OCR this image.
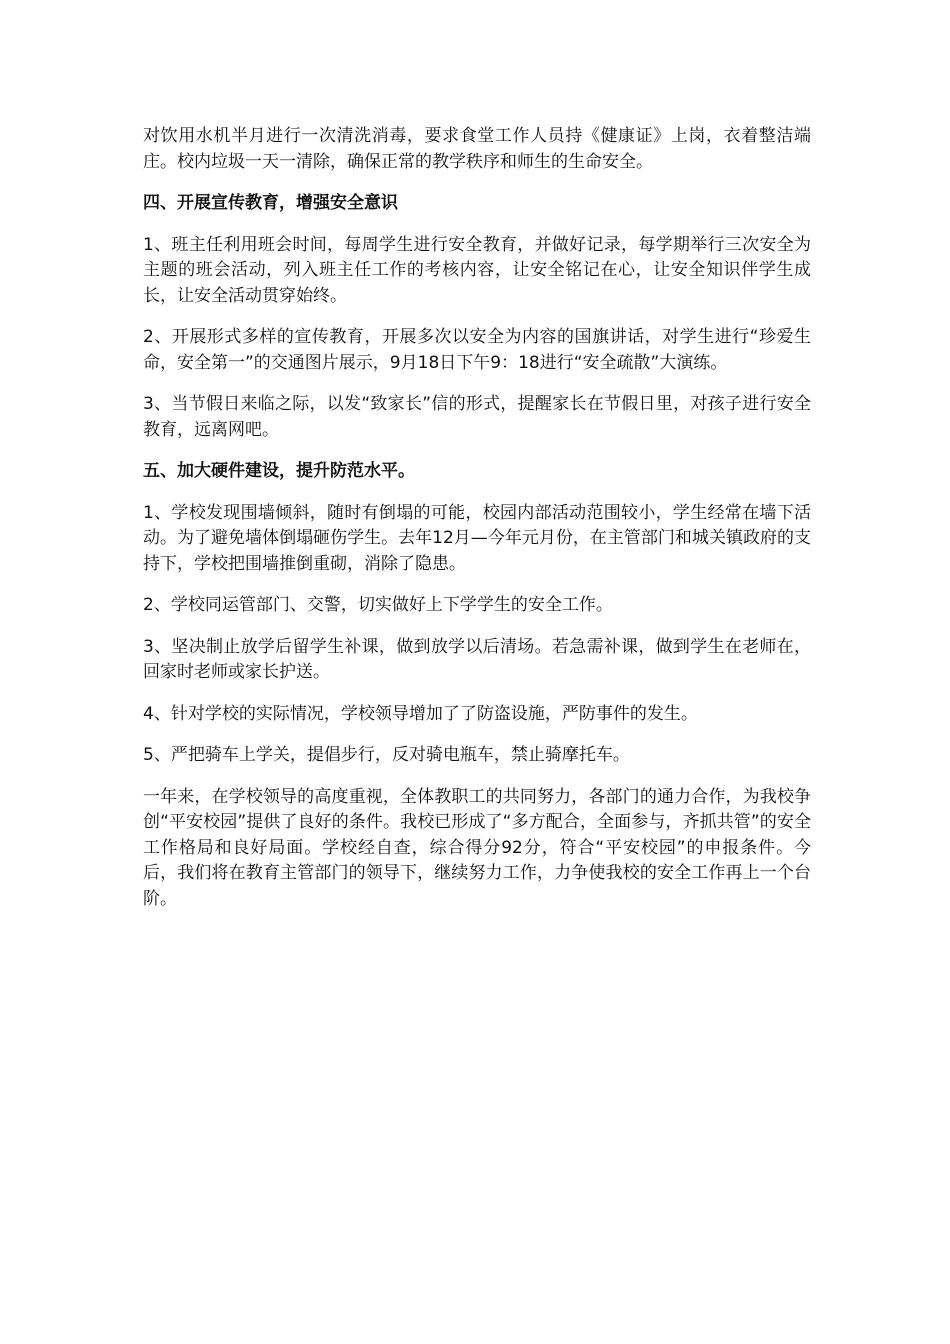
对饮用水机半月进行一次清洗消毒，要求食堂工作人员持《健康证》上岗，衣着整洁端庄。校内垃圾一天一清除，确保正常的教学秩序和师生的生命安全。

四、开展宣传教育，增强安全意识

1、班主任利用班会时间，每周学生进行安全教育，并做好记录，每学期举行三次安全为主题的班会活动，列入班主任工作的考核内容，让安全铭记在心，让安全知识伴学生成长，让安全活动贯穿始终。

2、开展形式多样的宣传教育，开展多次以安全为内容的国旗讲话，对学生进行“珍爱生命，安全第一”的交通图片展示，9月18日下午9：18进行“安全疏散”大演练。

3、当节假日来临之际，以发“致家长”信的形式，提醒家长在节假日里，对孩子进行安全教育，远离网吧。

五、加大硬件建设，提升防范水平。

1、学校发现围墙倾斜，随时有倒塌的可能，校园内部活动范围较小，学生经常在墙下活动。为了避免墙体倒塌砸伤学生。去年12月—今年元月份，在主管部门和城关镇政府的支持下，学校把围墙推倒重砌，消除了隐患。

2、学校同运管部门、交警，切实做好上下学学生的安全工作。

3、坚决制止放学后留学生补课，做到放学以后清场。若急需补课，做到学生在老师在，回家时老师或家长护送。

4、针对学校的实际情况，学校领导增加了了防盗设施，严防事件的发生。

5、严把骑车上学关，提倡步行，反对骑电瓶车，禁止骑摩托车。

一年来，在学校领导的高度重视，全体教职工的共同努力，各部门的通力合作，为我校争创“平安校园”提供了良好的条件。我校已形成了“多方配合，全面参与，齐抓共管”的安全工作格局和良好局面。学校经自查，综合得分92分，符合“平安校园”的申报条件。今后，我们将在教育主管部门的领导下，继续努力工作，力争使我校的安全工作再上一个台阶。
